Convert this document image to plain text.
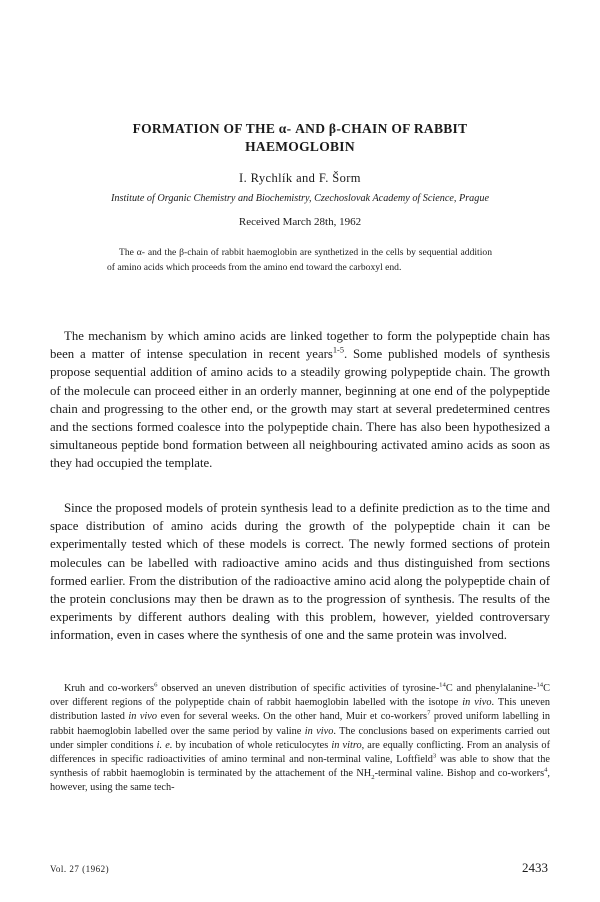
FORMATION OF THE α- AND β-CHAIN OF RABBIT
HAEMOGLOBIN
I. Rychlík and F. Šorm
Institute of Organic Chemistry and Biochemistry, Czechoslovak Academy of Science, Prague
Received March 28th, 1962
The α- and the β-chain of rabbit haemoglobin are synthetized in the cells by sequential addition of amino acids which proceeds from the amino end toward the carboxyl end.

The mechanism by which amino acids are linked together to form the polypeptide chain has been a matter of intense speculation in recent years$^{1-5}$. Some published models of synthesis propose sequential addition of amino acids to a steadily growing polypeptide chain. The growth of the molecule can proceed either in an orderly manner, beginning at one end of the polypeptide chain and progressing to the other end, or the growth may start at several predetermined centres and the sections formed coalesce into the polypeptide chain. There has also been hypothesized a simultaneous peptide bond formation between all neighbouring activated amino acids as soon as they had occupied the template.

Since the proposed models of protein synthesis lead to a definite prediction as to the time and space distribution of amino acids during the growth of the polypeptide chain it can be experimentally tested which of these models is correct. The newly formed sections of protein molecules can be labelled with radioactive amino acids and thus distinguished from sections formed earlier. From the distribution of the radioactive amino acid along the polypeptide chain of the protein conclusions may then be drawn as to the progression of synthesis. The results of the experiments by different authors dealing with this problem, however, yielded controversary information, even in cases where the synthesis of one and the same protein was involved.

Kruh and co-workers$^6$ observed an uneven distribution of specific activities of tyrosine-$^{14}$C and phenylalanine-$^{14}$C over different regions of the polypeptide chain of rabbit haemoglobin labelled with the isotope in vivo. This uneven distribution lasted in vivo even for several weeks. On the other hand, Muir et co-workers$^7$ proved uniform labelling in rabbit haemoglobin labelled over the same period by valine in vivo. The conclusions based on experiments carried out under simpler conditions i. e. by incubation of whole reticulocytes in vitro, are equally conflicting. From an analysis of differences in specific radioactivities of amino terminal and non-terminal valine, Loftfield$^3$ was able to show that the synthesis of rabbit haemoglobin is terminated by the attachement of the $NH_2$-terminal valine. Bishop and co-workers$^4$, however, using the same tech-

Vol. 27 (1962)	2433
